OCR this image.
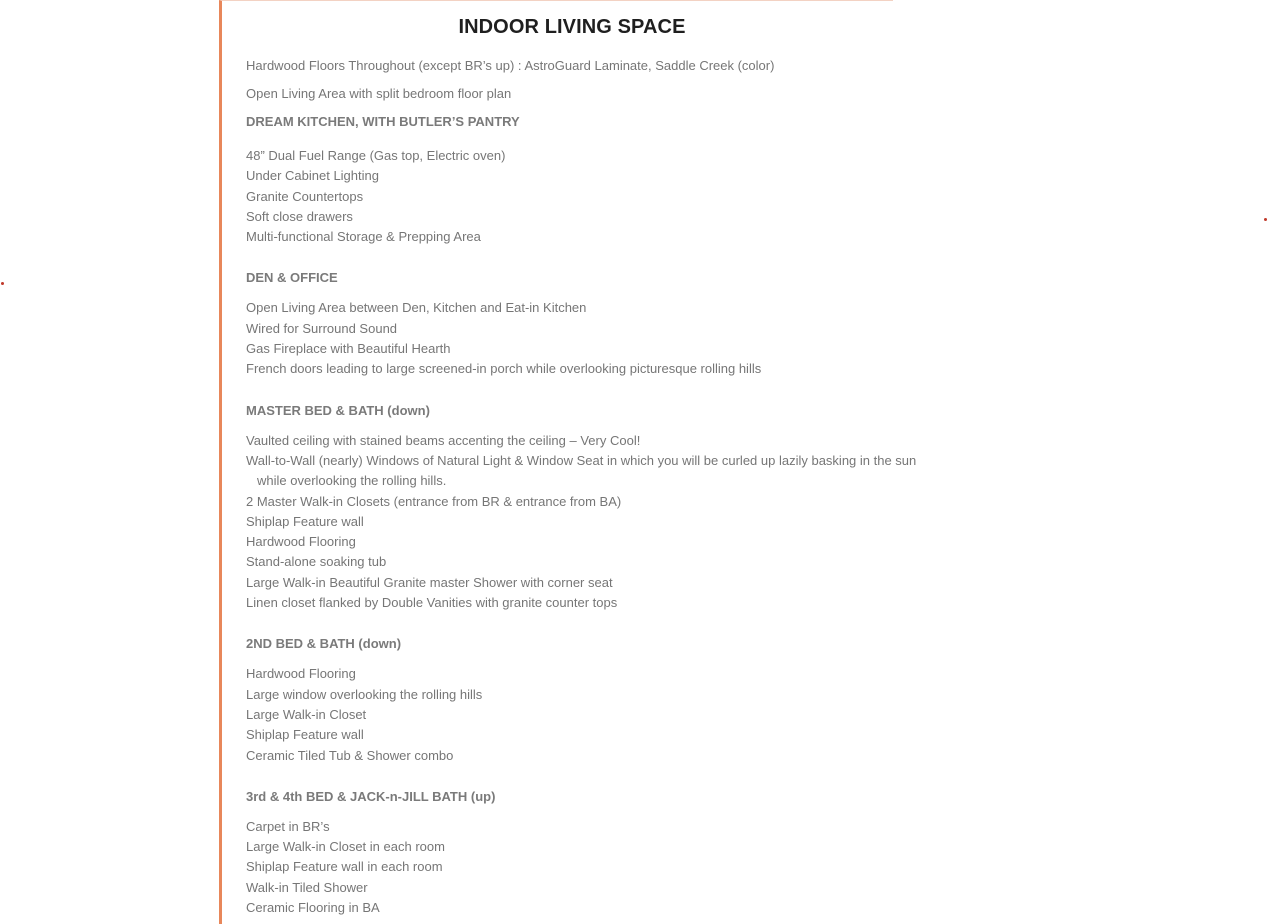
INDOOR LIVING SPACE
Hardwood Floors Throughout (except BR’s up) : AstroGuard Laminate, Saddle Creek (color)
Open Living Area with split bedroom floor plan
DREAM KITCHEN, WITH BUTLER’S PANTRY
48” Dual Fuel Range (Gas top, Electric oven)
Under Cabinet Lighting
Granite Countertops
Soft close drawers
Multi-functional Storage & Prepping Area
DEN & OFFICE
Open Living Area between Den, Kitchen and Eat-in Kitchen
Wired for Surround Sound
Gas Fireplace with Beautiful Hearth
French doors leading to large screened-in porch while overlooking picturesque rolling hills
MASTER BED & BATH (down)
Vaulted ceiling with stained beams accenting the ceiling – Very Cool!
Wall-to-Wall (nearly) Windows of Natural Light & Window Seat in which you will be curled up lazily basking in the sun while overlooking the rolling hills.
2 Master Walk-in Closets (entrance from BR & entrance from BA)
Shiplap Feature wall
Hardwood Flooring
Stand-alone soaking tub
Large Walk-in Beautiful Granite master Shower with corner seat
Linen closet flanked by Double Vanities with granite counter tops
2ND BED & BATH (down)
Hardwood Flooring
Large window overlooking the rolling hills
Large Walk-in Closet
Shiplap Feature wall
Ceramic Tiled Tub & Shower combo
3rd & 4th BED & JACK-n-JILL BATH (up)
Carpet in BR’s
Large Walk-in Closet in each room
Shiplap Feature wall in each room
Walk-in Tiled Shower
Ceramic Flooring in BA
